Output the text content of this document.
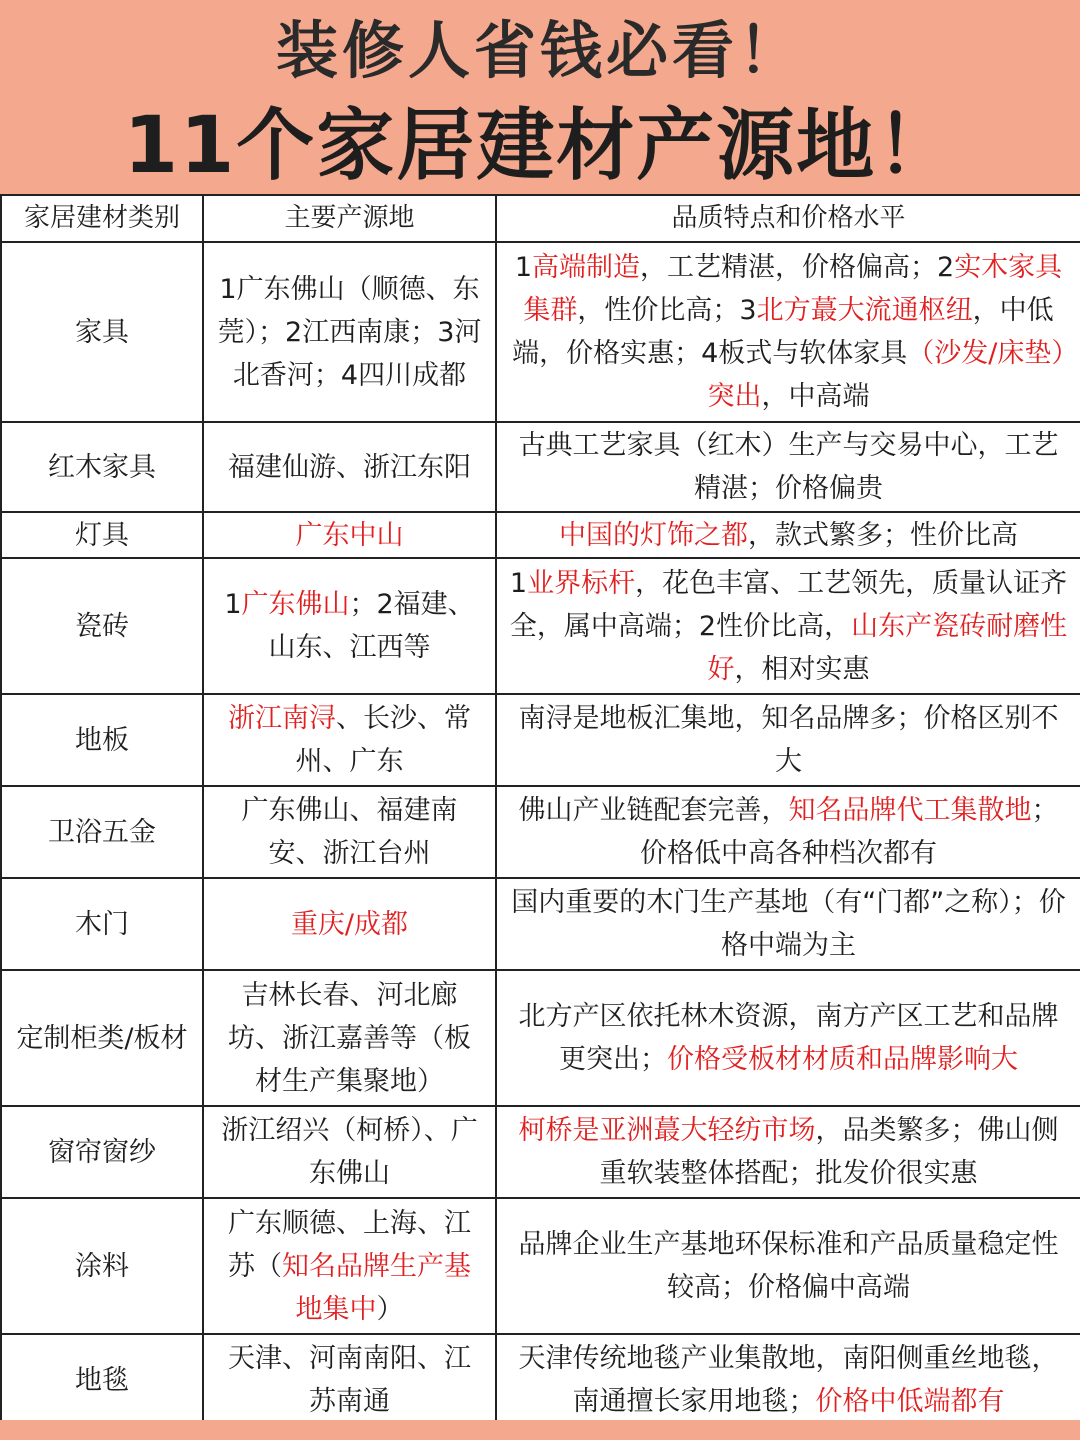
装修人省钱必看！
11个家居建材产源地！
家居建材类别	主要产源地	品质特点和价格水平
家具	1广东佛山（顺德、东莞）；2江西南康；3河北香河；4四川成都	1高端制造，工艺精湛，价格偏高；2实木家具集群，性价比高；3北方蕞大流通枢纽，中低端，价格实惠；4板式与软体家具（沙发/床垫）突出，中高端
红木家具	福建仙游、浙江东阳	古典工艺家具（红木）生产与交易中心，工艺精湛；价格偏贵
灯具	广东中山	中国的灯饰之都，款式繁多；性价比高
瓷砖	1广东佛山；2福建、山东、江西等	1业界标杆，花色丰富、工艺领先，质量认证齐全，属中高端；2性价比高，山东产瓷砖耐磨性好，相对实惠
地板	浙江南浔、长沙、常州、广东	南浔是地板汇集地，知名品牌多；价格区别不大
卫浴五金	广东佛山、福建南安、浙江台州	佛山产业链配套完善，知名品牌代工集散地；价格低中高各种档次都有
木门	重庆/成都	国内重要的木门生产基地（有“门都”之称）；价格中端为主
定制柜类/板材	吉林长春、河北廊坊、浙江嘉善等（板材生产集聚地）	北方产区依托林木资源，南方产区工艺和品牌更突出；价格受板材材质和品牌影响大
窗帘窗纱	浙江绍兴（柯桥）、广东佛山	柯桥是亚洲蕞大轻纺市场，品类繁多；佛山侧重软装整体搭配；批发价很实惠
涂料	广东顺德、上海、江苏（知名品牌生产基地集中）	品牌企业生产基地环保标准和产品质量稳定性较高；价格偏中高端
地毯	天津、河南南阳、江苏南通	天津传统地毯产业集散地，南阳侧重丝地毯，南通擅长家用地毯；价格中低端都有
